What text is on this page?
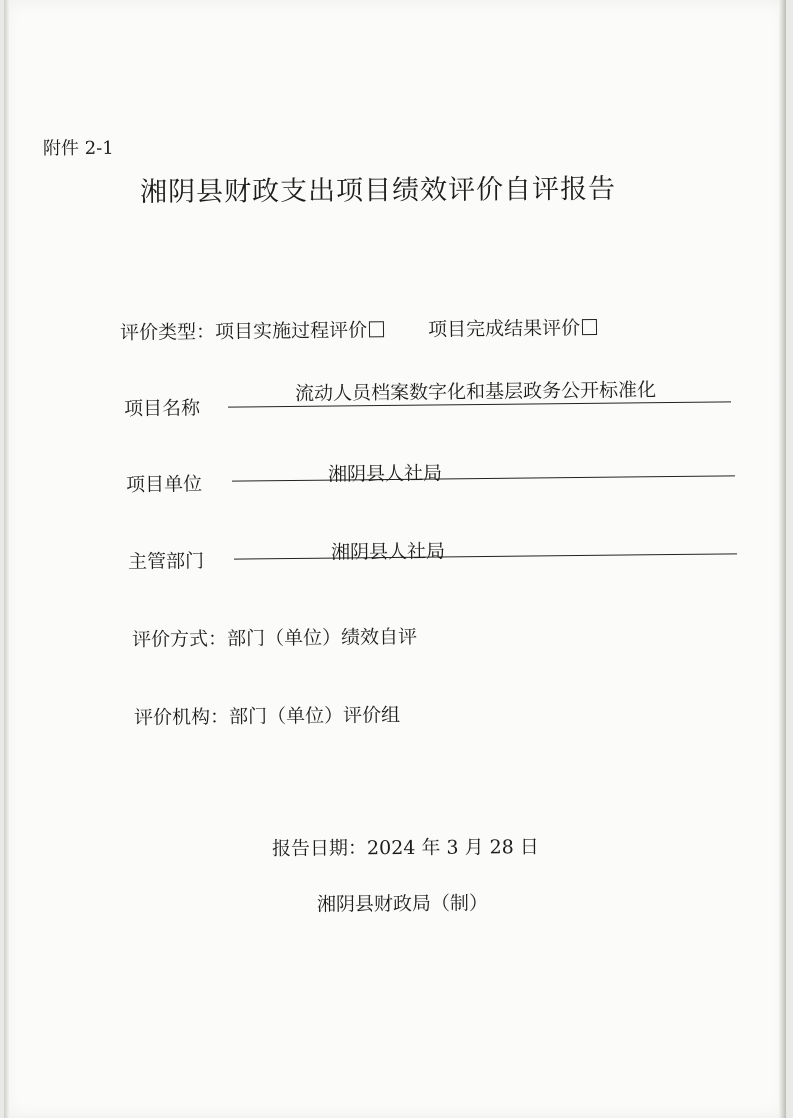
附件 2-1
湘阴县财政支出项目绩效评价自评报告
评价类型：项目实施过程评价	项目完成结果评价
项目名称
流动人员档案数字化和基层政务公开标准化
项目单位	湘阴县人社局
主管部门	湘阴县人社局
评价方式：部门（单位）绩效自评
评价机构：部门（单位）评价组
报告日期：2024 年 3 月 28 日
湘阴县财政局（制）
